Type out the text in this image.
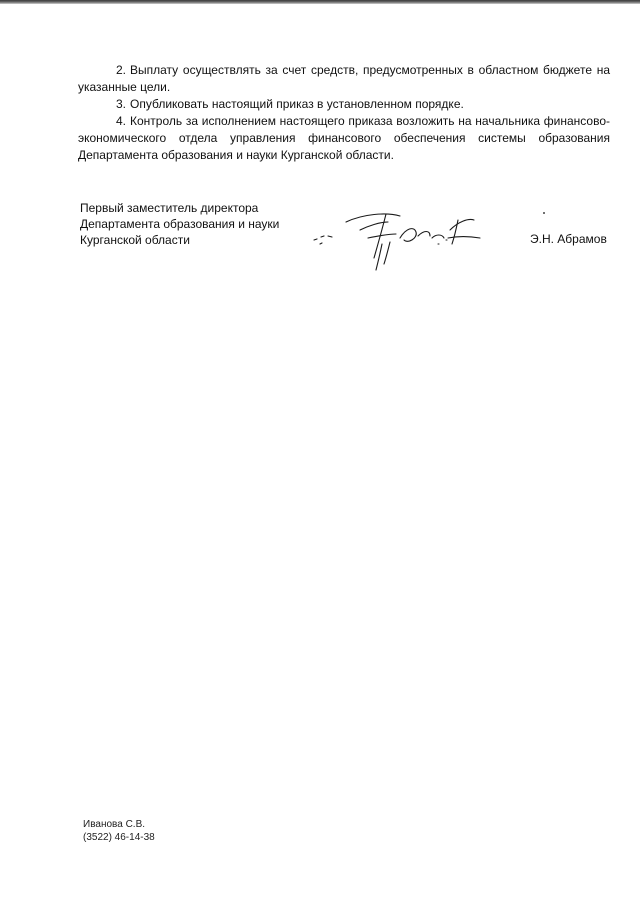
2. Выплату осуществлять за счет средств, предусмотренных в областном бюджете на указанные цели.

3. Опубликовать настоящий приказ в установленном порядке.

4. Контроль за исполнением настоящего приказа возложить на начальника финансово-экономического отдела управления финансового обеспечения системы образования Департамента образования и науки Курганской области.

Первый заместитель директора
Департамента образования и науки
Курганской области	Э.Н. Абрамов
Иванова С.В.
(3522) 46-14-38
